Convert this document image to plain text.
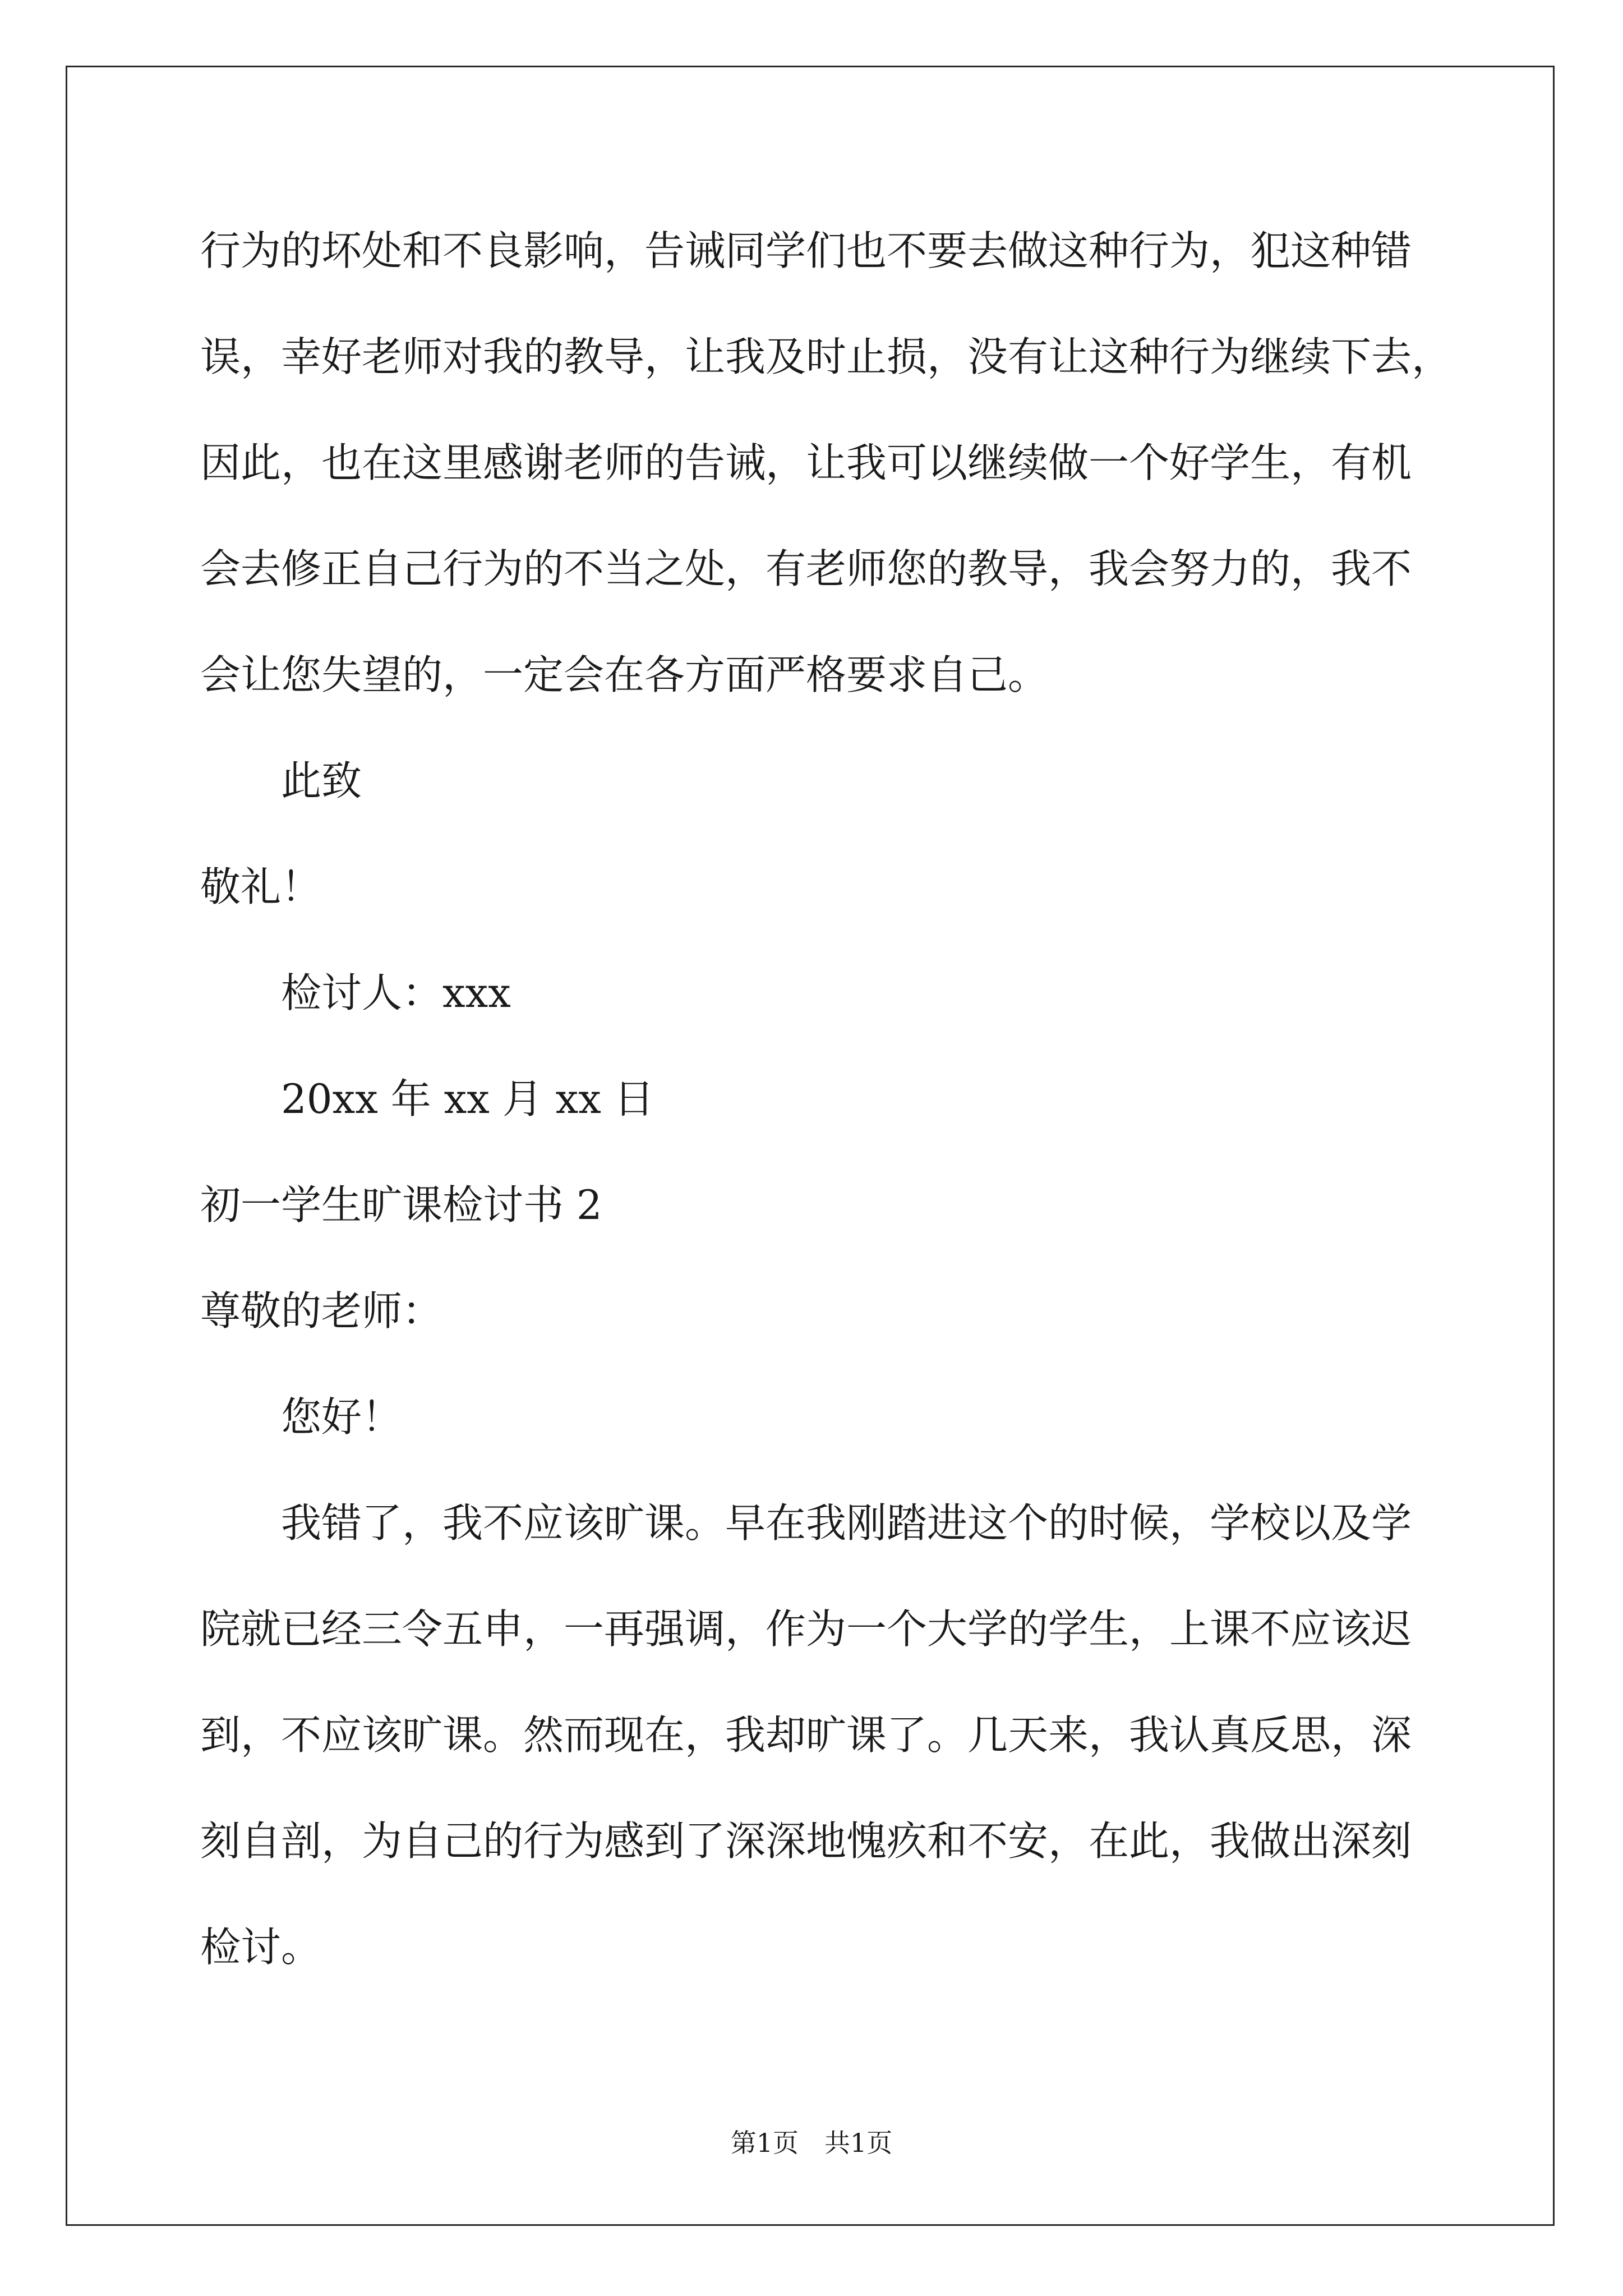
行为的坏处和不良影响，告诫同学们也不要去做这种行为，犯这种错
误，幸好老师对我的教导，让我及时止损，没有让这种行为继续下去，
因此，也在这里感谢老师的告诫，让我可以继续做一个好学生，有机
会去修正自己行为的不当之处，有老师您的教导，我会努力的，我不
会让您失望的，一定会在各方面严格要求自己。
此致
敬礼！
检讨人：xxx
20xx 年 xx 月 xx 日
初一学生旷课检讨书 2
尊敬的老师：
您好！
我错了，我不应该旷课。早在我刚踏进这个的时候，学校以及学
院就已经三令五申，一再强调，作为一个大学的学生，上课不应该迟
到，不应该旷课。然而现在，我却旷课了。几天来，我认真反思，深
刻自剖，为自己的行为感到了深深地愧疚和不安，在此，我做出深刻
检讨。
第1页　共1页
